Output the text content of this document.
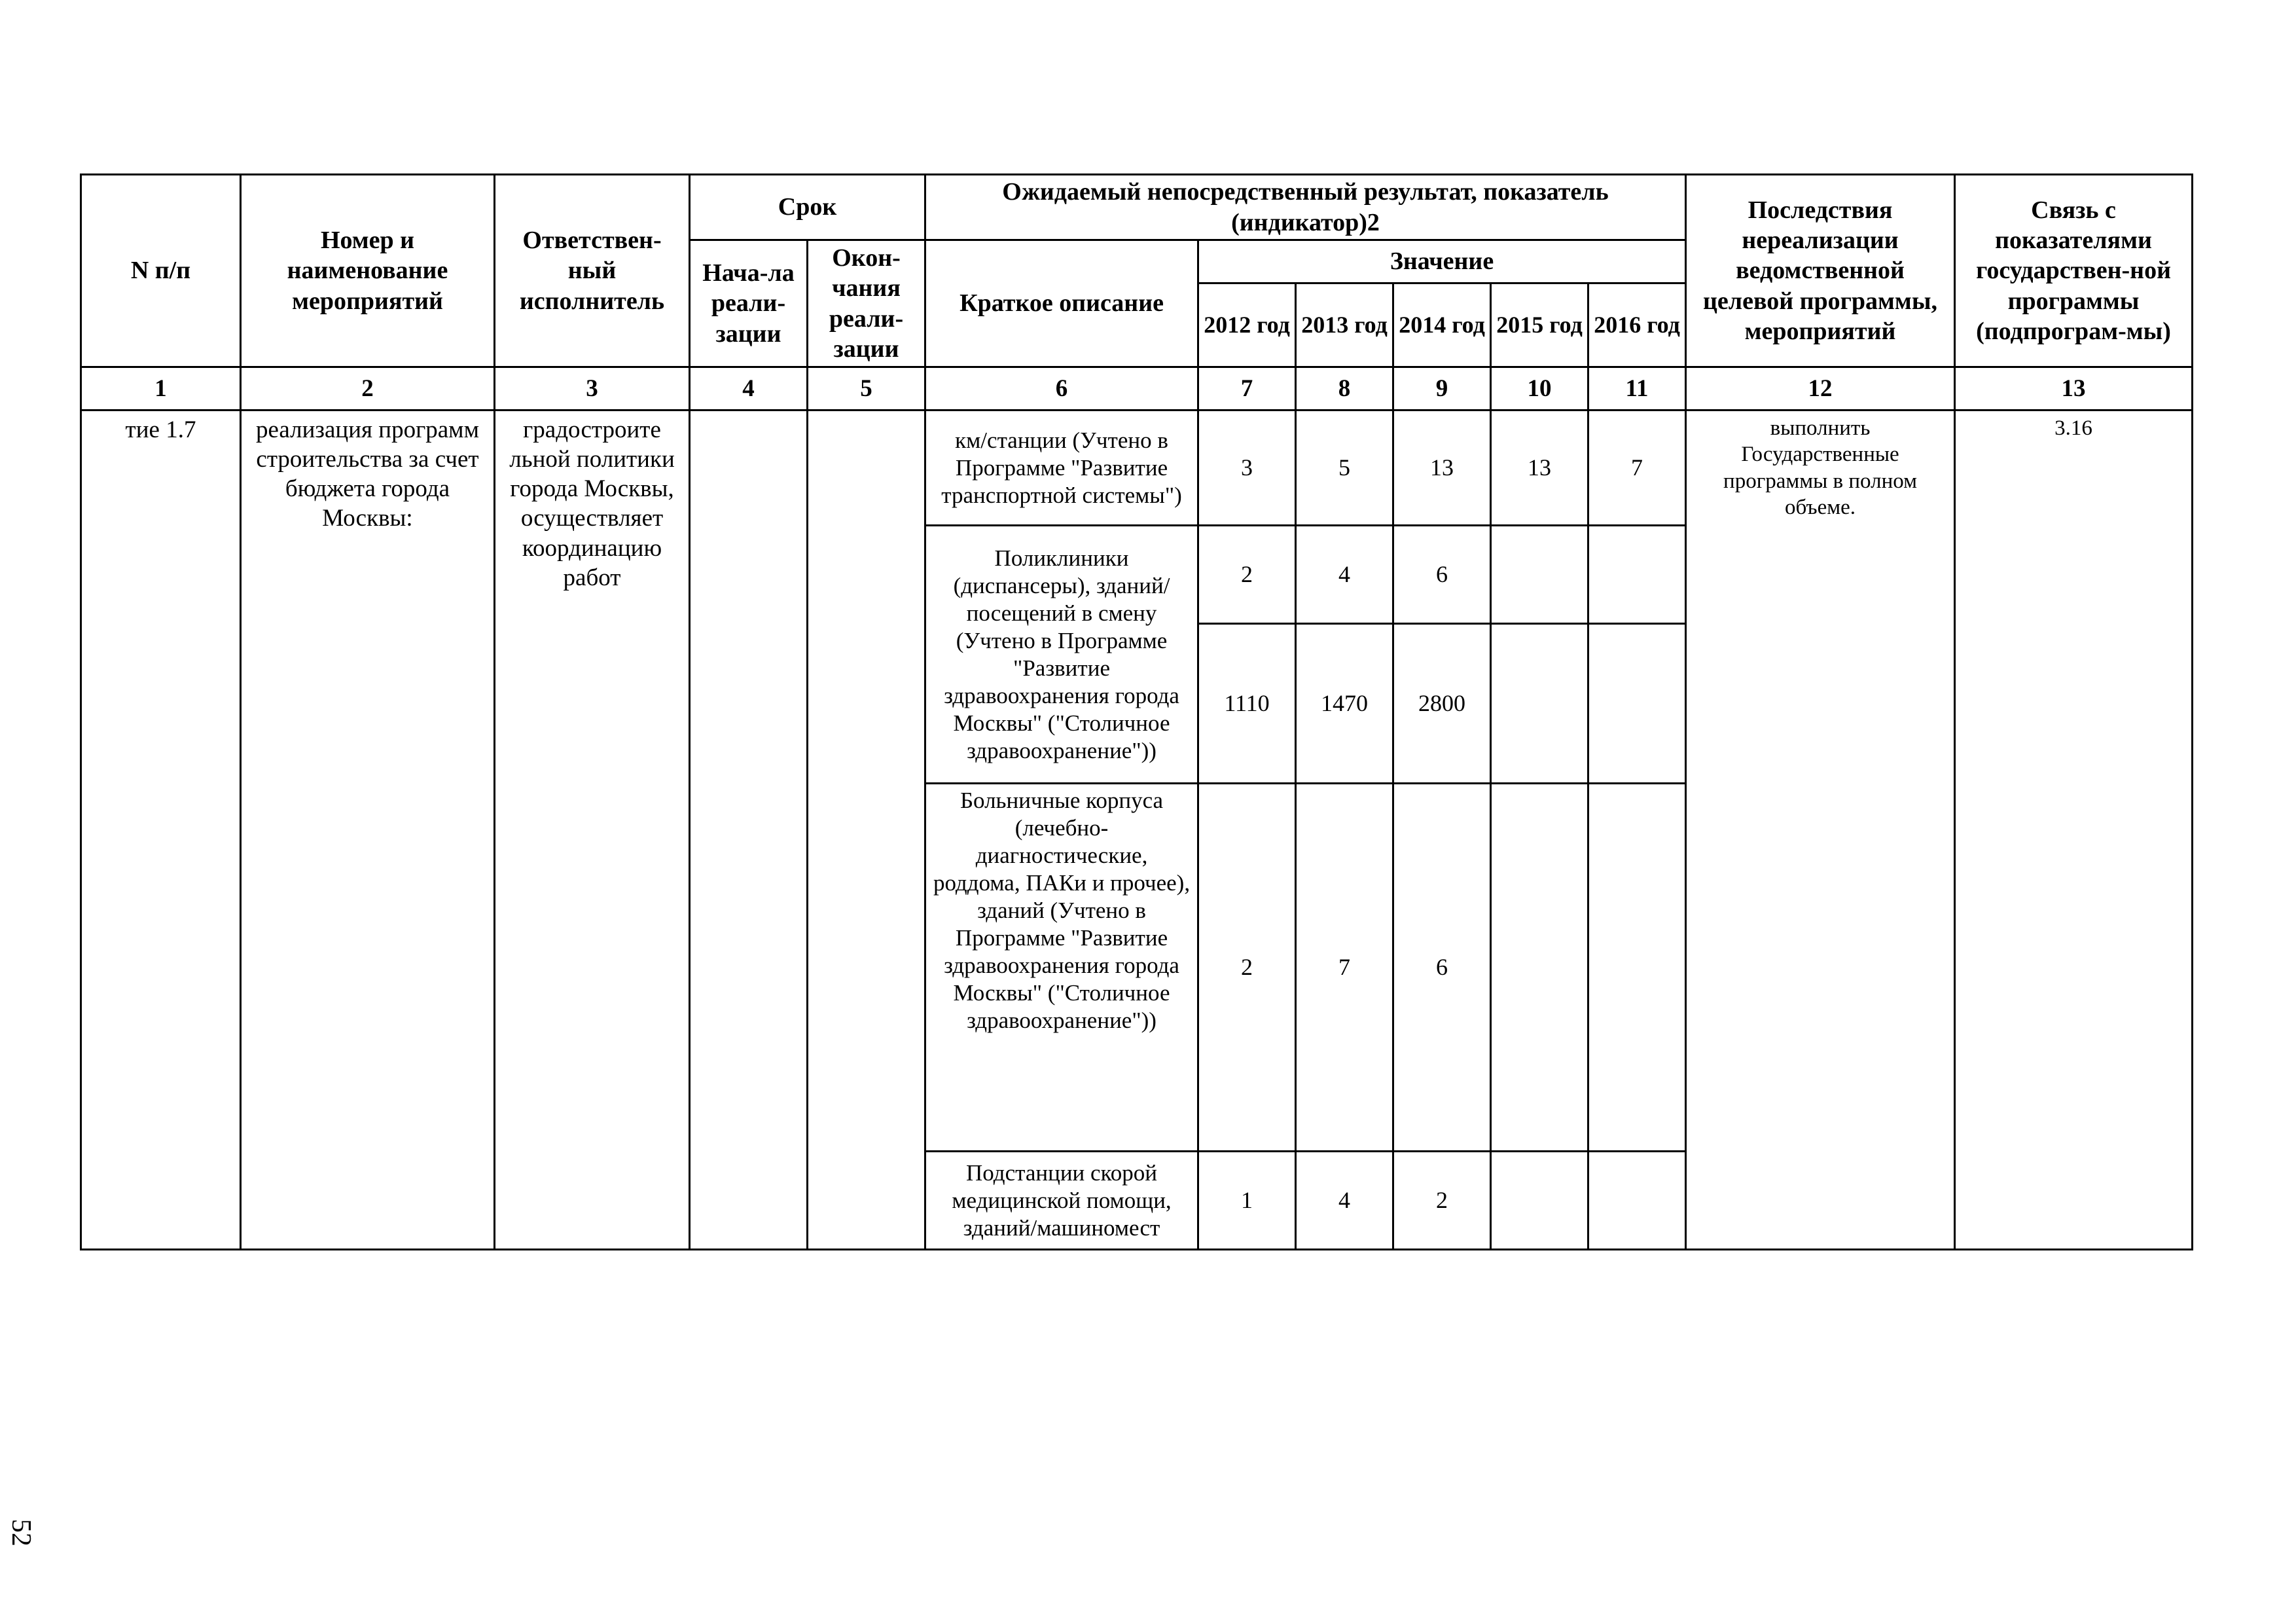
N п/п	Номер и наименование мероприятий	Ответствен-ный исполнитель	Срок		Ожидаемый непосредственный результат, показатель (индикатор)2						Последствия нереализации ведомственной целевой программы, мероприятий	Связь с показателями государствен-ной программы (подпрограм-мы)
			Нача-ла реали-зации	Окон-чания реали-зации	Краткое описание	Значение						
						2012 год	2013 год	2014 год	2015 год	2016 год		
1	2	3	4	5	6	7	8	9	10	11	12	13
тие 1.7	реализация программ строительства за счет бюджета города Москвы:	градостроите льной политики города Москвы, осуществляет координацию работ			км/станции (Учтено в Программе "Развитие транспортной системы")	3	5	13	13	7	выполнить Государственные программы в полном объеме.	3.16
					Поликлиники (диспансеры), зданий/посещений в смену (Учтено в Программе "Развитие здравоохранения города Москвы" ("Столичное здравоохранение"))	2	4	6				
						1110	1470	2800				
					Больничные корпуса (лечебно-диагностические, роддома, ПАКи и прочее), зданий (Учтено в Программе "Развитие здравоохранения города Москвы" ("Столичное здравоохранение"))	2	7	6				
					Подстанции скорой медицинской помощи, зданий/машиномест	1	4	2				
52
